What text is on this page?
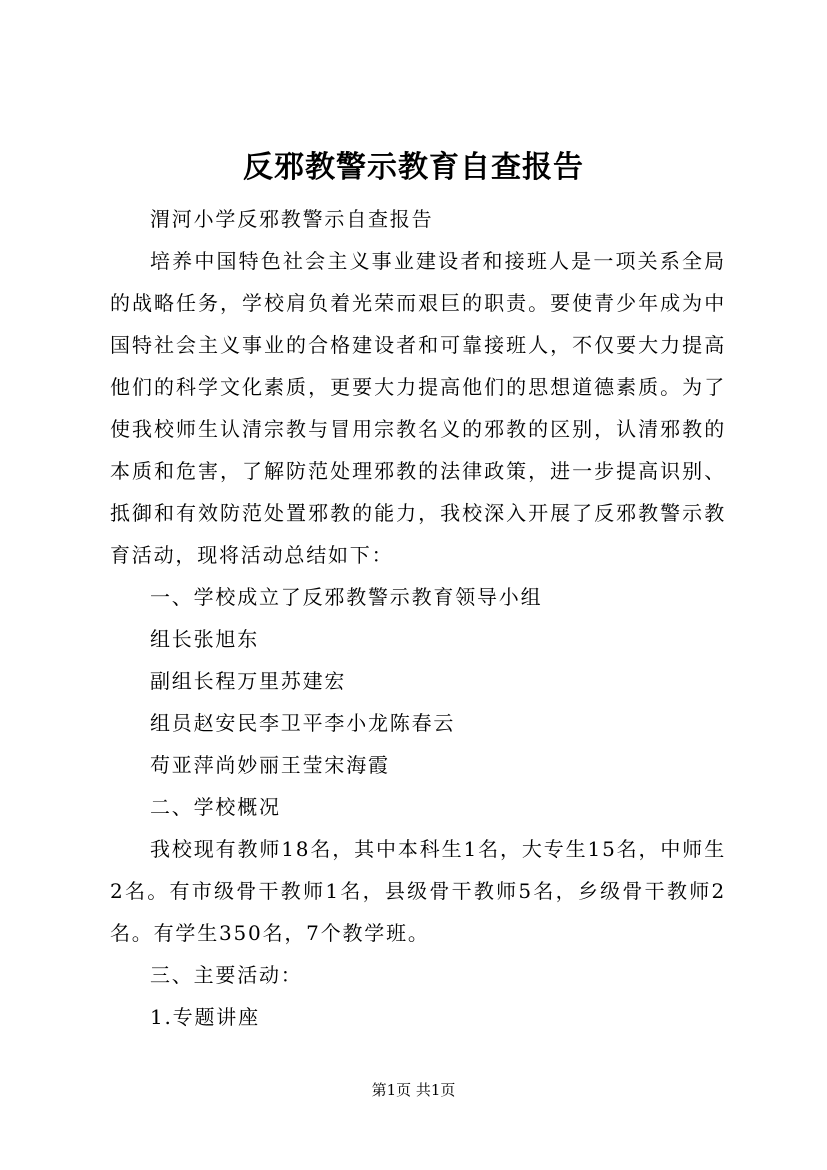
反邪教警示教育自查报告

渭河小学反邪教警示自查报告

培养中国特色社会主义事业建设者和接班人是一项关系全局的战略任务，学校肩负着光荣而艰巨的职责。要使青少年成为中国特社会主义事业的合格建设者和可靠接班人，不仅要大力提高他们的科学文化素质，更要大力提高他们的思想道德素质。为了使我校师生认清宗教与冒用宗教名义的邪教的区别，认清邪教的本质和危害，了解防范处理邪教的法律政策，进一步提高识别、抵御和有效防范处置邪教的能力，我校深入开展了反邪教警示教育活动，现将活动总结如下：

一、学校成立了反邪教警示教育领导小组

组长张旭东

副组长程万里苏建宏

组员赵安民李卫平李小龙陈春云

苟亚萍尚妙丽王莹宋海霞

二、学校概况

我校现有教师18名，其中本科生1名，大专生15名，中师生2名。有市级骨干教师1名，县级骨干教师5名，乡级骨干教师2名。有学生350名，7个教学班。

三、主要活动：

1.专题讲座

第1页 共1页
